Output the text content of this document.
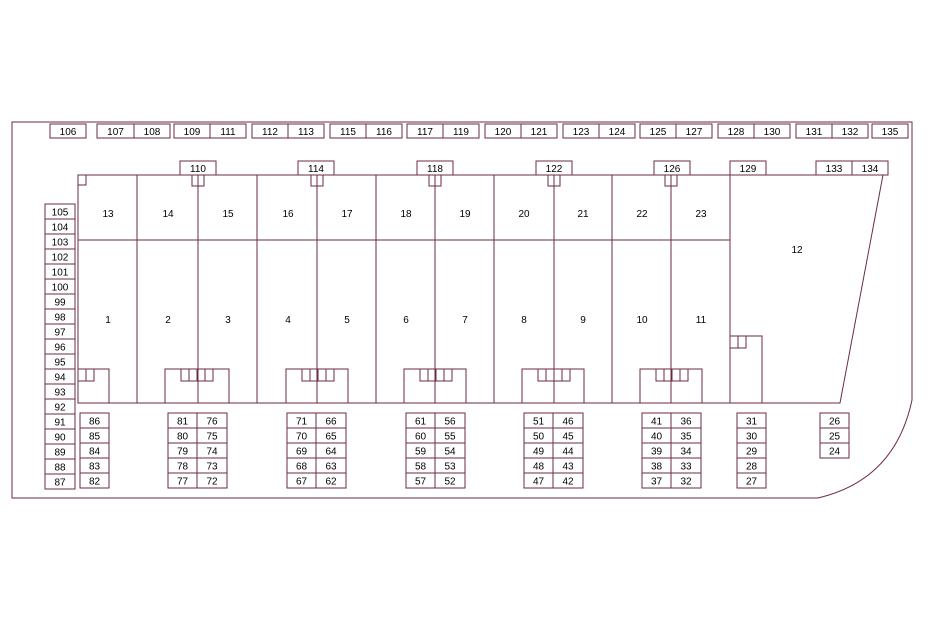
106	107 108 109 111	112 113	115 116	117 119	120 121	123 124 125 127	128 130	131 132 135
110	114	118	122	126	129	133 134
105
104
103
102
101
100
99
98
97
96
95
94
93
92
91
90
89
88
87
13	14	15	16	17	18	19	20	21	22	23
1	2	3	4	5	6	7	8	9	10	11
86
85
84
83
82
81
80
79
78
77
76
75
74
73
72
71
70
69
68
67
66
65
64
63
62
61
60
59
58
57
56
55
54
53
52
51
50
49
48
47
46
45
44
43
42
41
40
39
38
37
36
35
34
33
32
31
30
29
28
27
26
25
24
12
